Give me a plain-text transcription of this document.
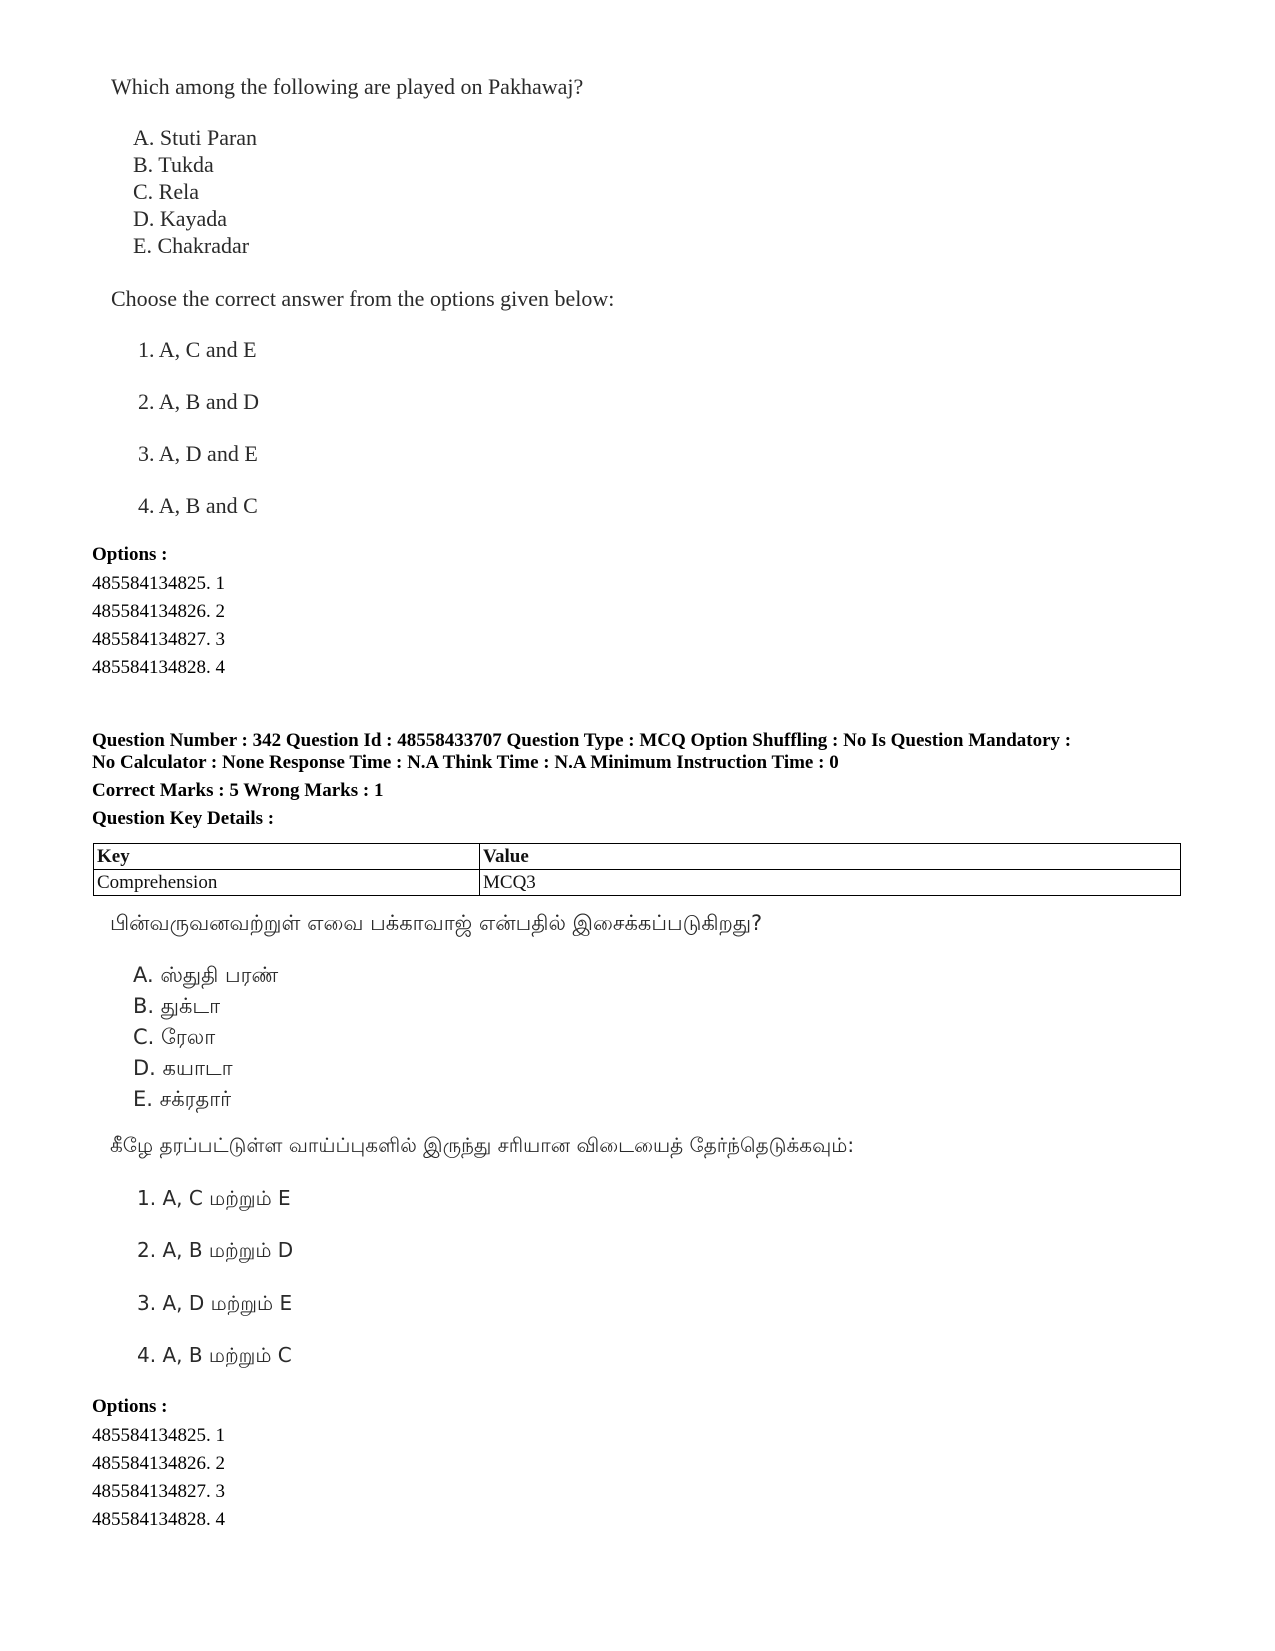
Which among the following are played on Pakhawaj?
A. Stuti Paran
B. Tukda
C. Rela
D. Kayada
E. Chakradar
Choose the correct answer from the options given below:
1. A, C and E
2. A, B and D
3. A, D and E
4. A, B and C
Options :
485584134825. 1
485584134826. 2
485584134827. 3
485584134828. 4
Question Number : 342 Question Id : 48558433707 Question Type : MCQ Option Shuffling : No Is Question Mandatory :
No Calculator : None Response Time : N.A Think Time : N.A Minimum Instruction Time : 0
Correct Marks : 5 Wrong Marks : 1
Question Key Details :
Key	Value
Comprehension	MCQ3
பின்வருவனவற்றுள் எவை பக்காவாஜ் என்பதில் இசைக்கப்படுகிறது?
A. ஸ்துதி பரண்
B. துக்டா
C. ரேலா
D. கயாடா
E. சக்ரதார்
கீழே தரப்பட்டுள்ள வாய்ப்புகளில் இருந்து சரியான விடையைத் தேர்ந்தெடுக்கவும்:
1. A, C மற்றும் E
2. A, B மற்றும் D
3. A, D மற்றும் E
4. A, B மற்றும் C
Options :
485584134825. 1
485584134826. 2
485584134827. 3
485584134828. 4
